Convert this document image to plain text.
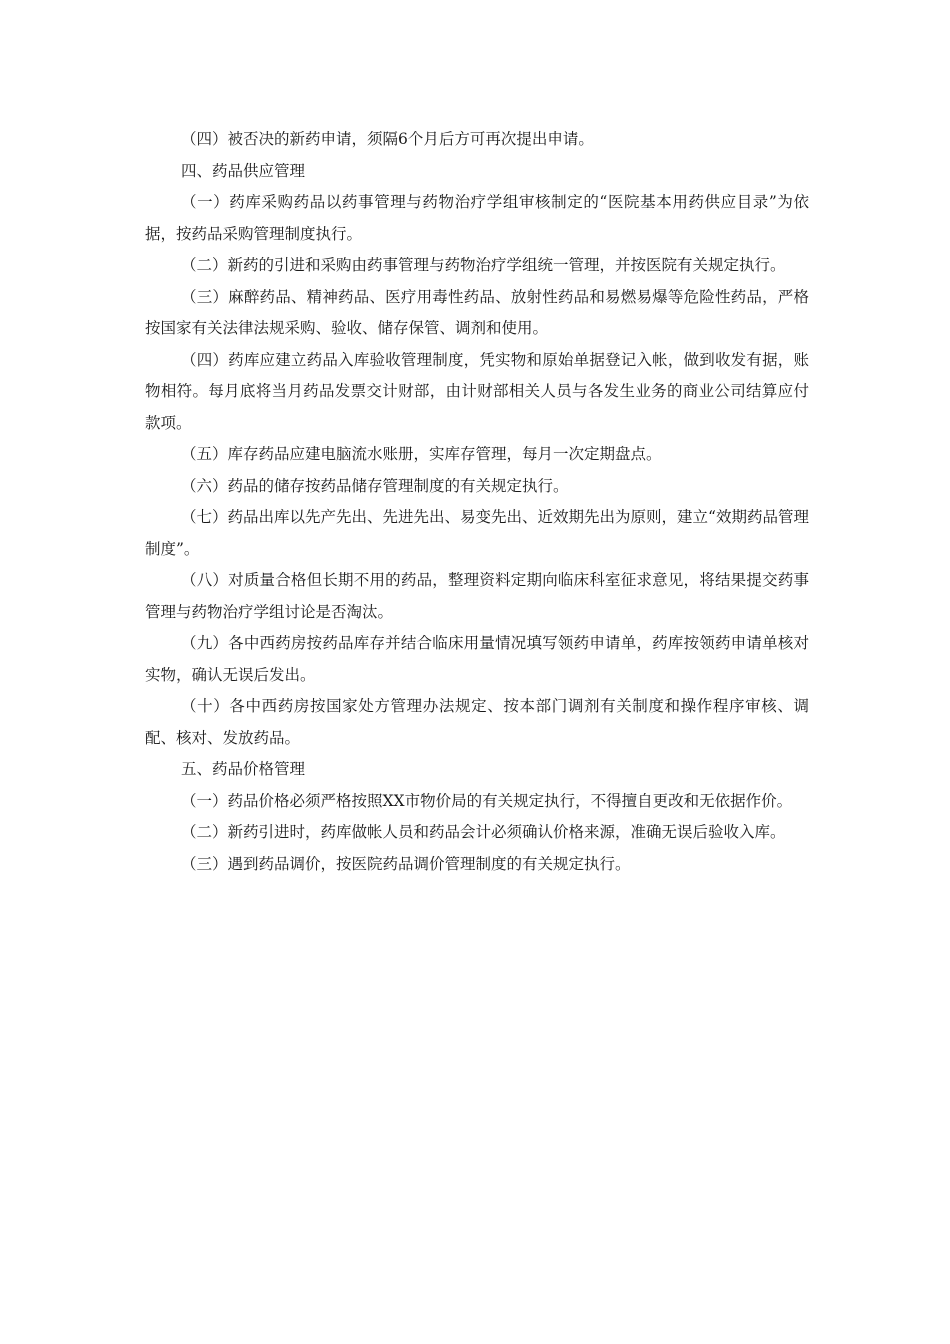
（四）被否决的新药申请，须隔6个月后方可再次提出申请。

四、药品供应管理

（一）药库采购药品以药事管理与药物治疗学组审核制定的“医院基本用药供应目录”为依据，按药品采购管理制度执行。

（二）新药的引进和采购由药事管理与药物治疗学组统一管理，并按医院有关规定执行。

（三）麻醉药品、精神药品、医疗用毒性药品、放射性药品和易燃易爆等危险性药品，严格按国家有关法律法规采购、验收、储存保管、调剂和使用。

（四）药库应建立药品入库验收管理制度，凭实物和原始单据登记入帐，做到收发有据，账物相符。每月底将当月药品发票交计财部，由计财部相关人员与各发生业务的商业公司结算应付款项。

（五）库存药品应建电脑流水账册，实库存管理，每月一次定期盘点。

（六）药品的储存按药品储存管理制度的有关规定执行。

（七）药品出库以先产先出、先进先出、易变先出、近效期先出为原则，建立“效期药品管理制度”。

（八）对质量合格但长期不用的药品，整理资料定期向临床科室征求意见，将结果提交药事管理与药物治疗学组讨论是否淘汰。

（九）各中西药房按药品库存并结合临床用量情况填写领药申请单，药库按领药申请单核对实物，确认无误后发出。

（十）各中西药房按国家处方管理办法规定、按本部门调剂有关制度和操作程序审核、调配、核对、发放药品。

五、药品价格管理

（一）药品价格必须严格按照XX市物价局的有关规定执行，不得擅自更改和无依据作价。

（二）新药引进时，药库做帐人员和药品会计必须确认价格来源，准确无误后验收入库。

（三）遇到药品调价，按医院药品调价管理制度的有关规定执行。
